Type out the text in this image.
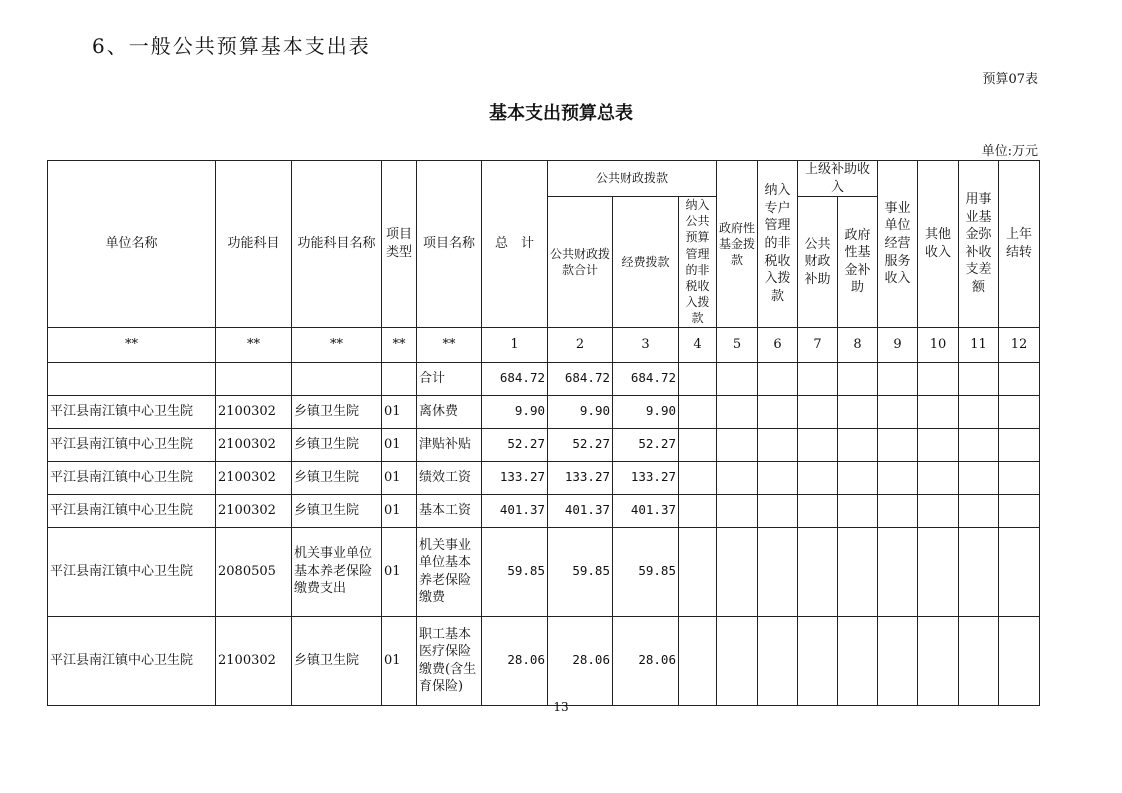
6、一般公共预算基本支出表
预算07表
基本支出预算总表
单位:万元
单位名称	功能科目	功能科目名称	项目类型	项目名称	总　计	公共财政拨款			政府性基金拨款	纳入专户管理的非税收入拨款	上级补助收入		事业单位经营服务收入	其他收入	用事业基金弥补收支差额	上年结转
						公共财政拨款合计	经费拨款	纳入公共预算管理的非税收入拨款			公共财政补助	政府性基金补助				
**	**	**	**	**	1	2	3	4	5	6	7	8	9	10	11	12
				合计	684.72	684.72	684.72									
平江县南江镇中心卫生院	2100302	乡镇卫生院	01	离休费	9.90	9.90	9.90									
平江县南江镇中心卫生院	2100302	乡镇卫生院	01	津贴补贴	52.27	52.27	52.27									
平江县南江镇中心卫生院	2100302	乡镇卫生院	01	绩效工资	133.27	133.27	133.27									
平江县南江镇中心卫生院	2100302	乡镇卫生院	01	基本工资	401.37	401.37	401.37									
平江县南江镇中心卫生院	2080505	机关事业单位基本养老保险缴费支出	01	机关事业单位基本养老保险缴费	59.85	59.85	59.85									
平江县南江镇中心卫生院	2100302	乡镇卫生院	01	职工基本医疗保险缴费(含生育保险)	28.06	28.06	28.06									
13
